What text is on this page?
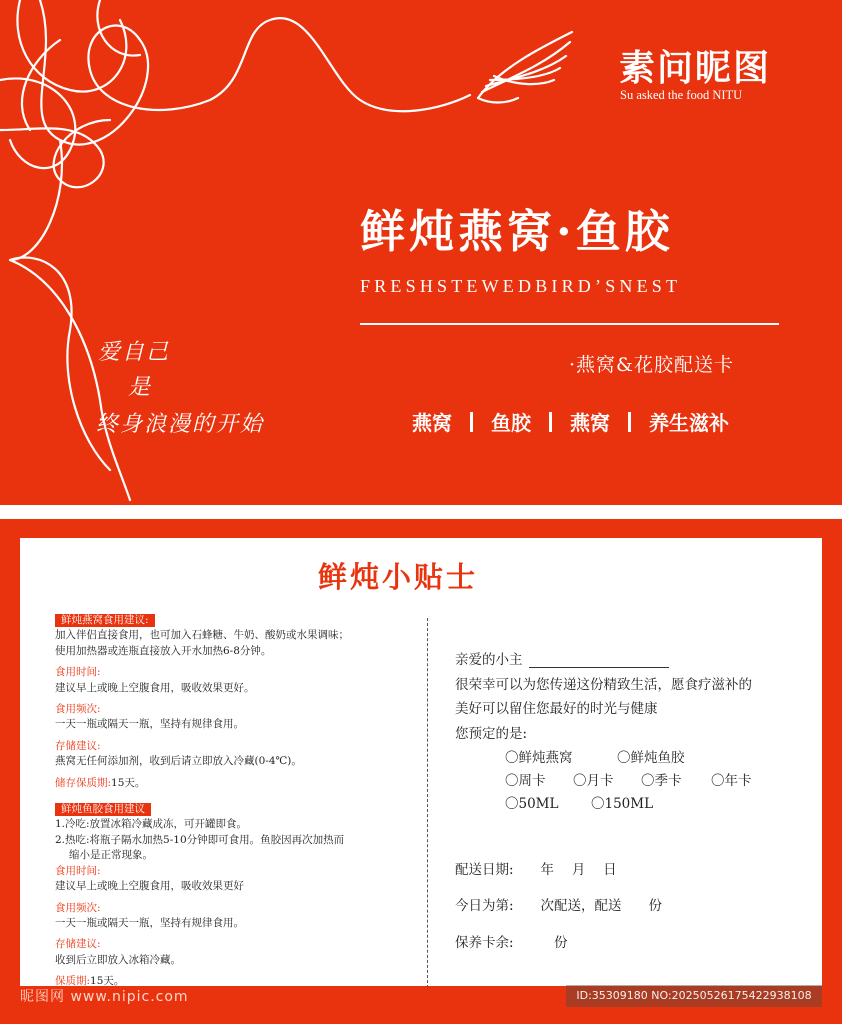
素问昵图
Su asked the food NITU
鲜炖燕窝·鱼胶
FRESHSTEWEDBIRD’SNEST
·燕窝&花胶配送卡
燕窝 鱼胶 燕窝 养生滋补
爱自己
是
终身浪漫的开始
鲜炖小贴士
鲜炖燕窝食用建议:
加入伴侣直接食用，也可加入石蜂糖、牛奶、酸奶或水果调味；
使用加热器或连瓶直接放入开水加热6-8分钟。
食用时间:
建议早上或晚上空腹食用，吸收效果更好。
食用频次:
一天一瓶或隔天一瓶，坚持有规律食用。
存储建议:
燕窝无任何添加剂，收到后请立即放入冷藏(0-4℃)。
储存保质期:15天。
鲜炖鱼胶食用建议
1.冷吃:放置冰箱冷藏成冻，可开罐即食。
2.热吃:将瓶子隔水加热5-10分钟即可食用。鱼胶因再次加热而
缩小是正常现象。
食用时间:
建议早上或晚上空腹食用，吸收效果更好
食用频次:
一天一瓶或隔天一瓶，坚持有规律食用。
存储建议:
收到后立即放入冰箱冷藏。
保质期:15天。
亲爱的小主
很荣幸可以为您传递这份精致生活，愿食疗滋补的
美好可以留住您最好的时光与健康
您预定的是:
〇鲜炖燕窝	〇鲜炖鱼胶
〇周卡 〇月卡 〇季卡 〇年卡
〇50ML 〇150ML
配送日期:　　年　 月　 日
今日为第:　　次配送，配送　　份
保养卡余:　　　份
昵图网 www.nipic.com	ID:35309180 NO:20250526175422938108
